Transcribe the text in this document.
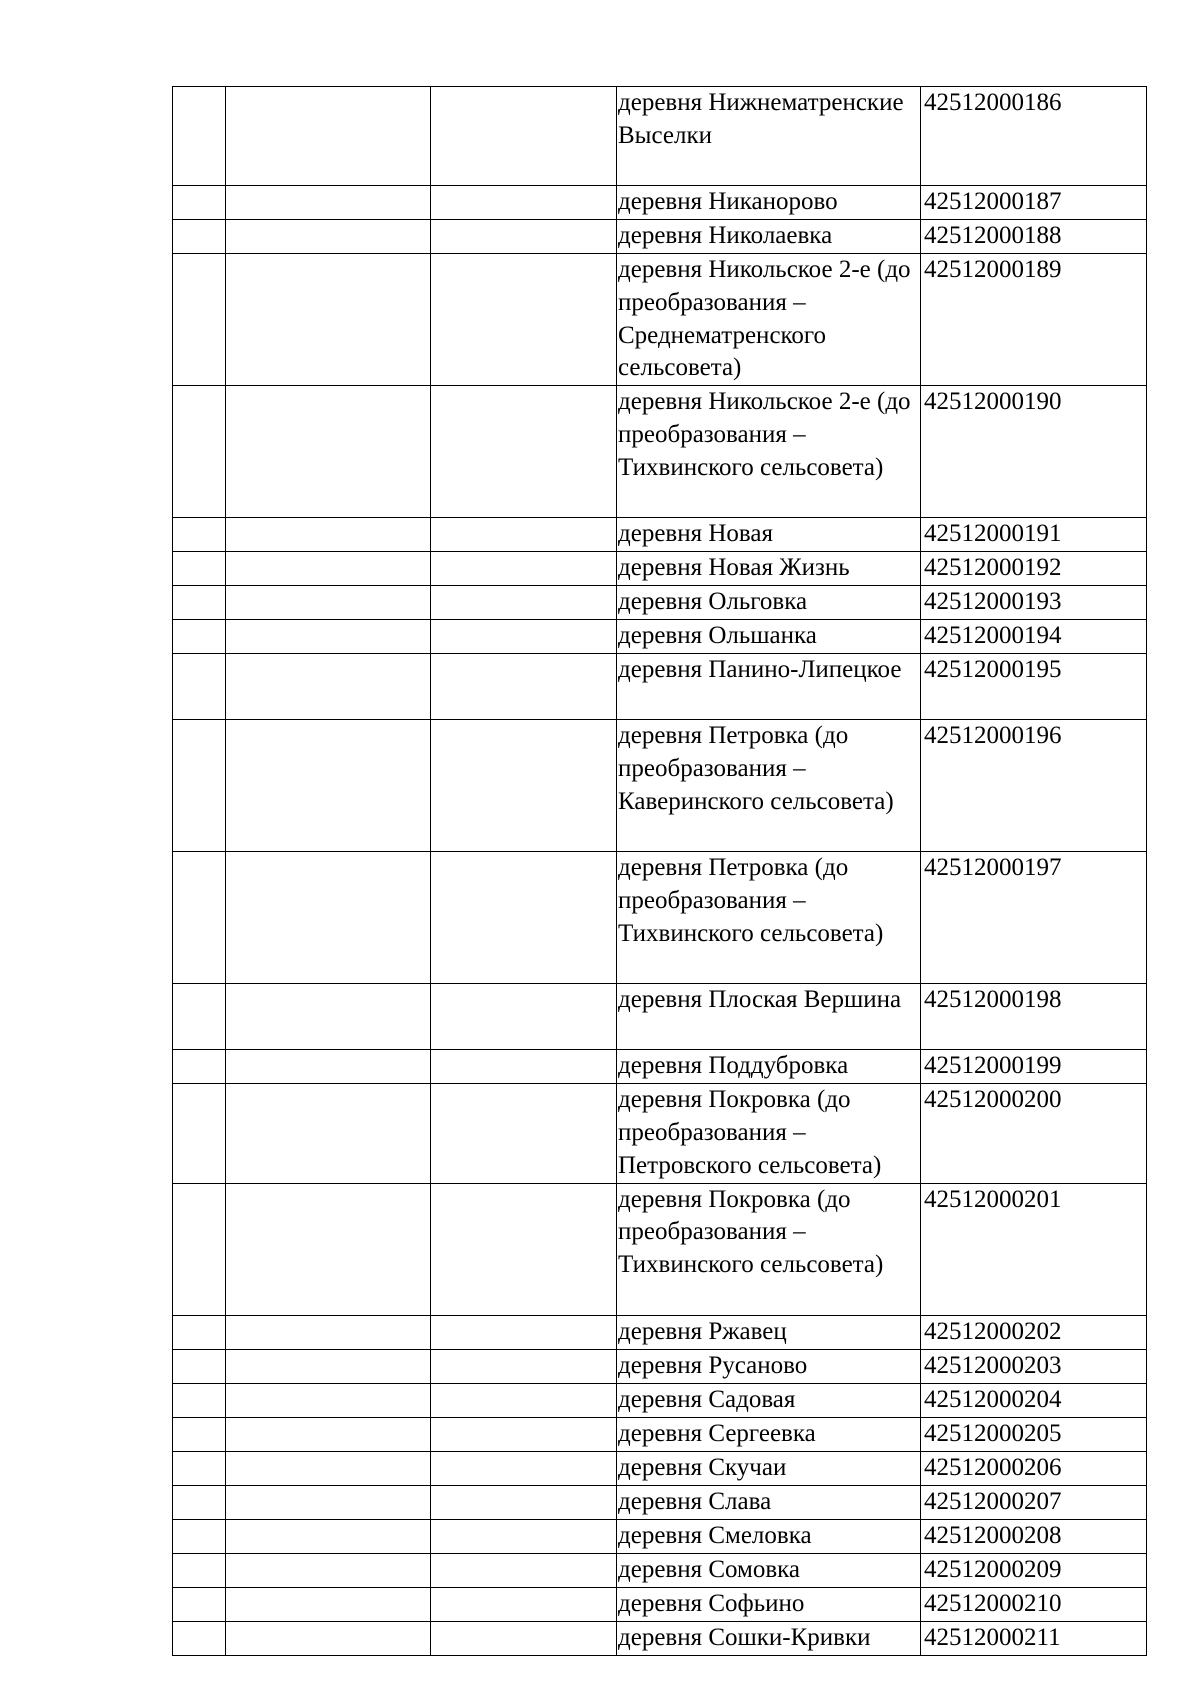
			деревня Нижнематренские Выселки	42512000186
			деревня Никанорово	42512000187
			деревня Николаевка	42512000188
			деревня Никольское 2-е (до преобразования – Среднематренского сельсовета)	42512000189
			деревня Никольское 2-е (до преобразования – Тихвинского сельсовета)	42512000190
			деревня Новая	42512000191
			деревня Новая Жизнь	42512000192
			деревня Ольговка	42512000193
			деревня Ольшанка	42512000194
			деревня Панино-Липецкое	42512000195
			деревня Петровка (до преобразования – Каверинского сельсовета)	42512000196
			деревня Петровка (до преобразования – Тихвинского сельсовета)	42512000197
			деревня Плоская Вершина	42512000198
			деревня Поддубровка	42512000199
			деревня Покровка (до преобразования – Петровского сельсовета)	42512000200
			деревня Покровка (до преобразования – Тихвинского сельсовета)	42512000201
			деревня Ржавец	42512000202
			деревня Русаново	42512000203
			деревня Садовая	42512000204
			деревня Сергеевка	42512000205
			деревня Скучаи	42512000206
			деревня Слава	42512000207
			деревня Смеловка	42512000208
			деревня Сомовка	42512000209
			деревня Софьино	42512000210
			деревня Сошки-Кривки	42512000211
